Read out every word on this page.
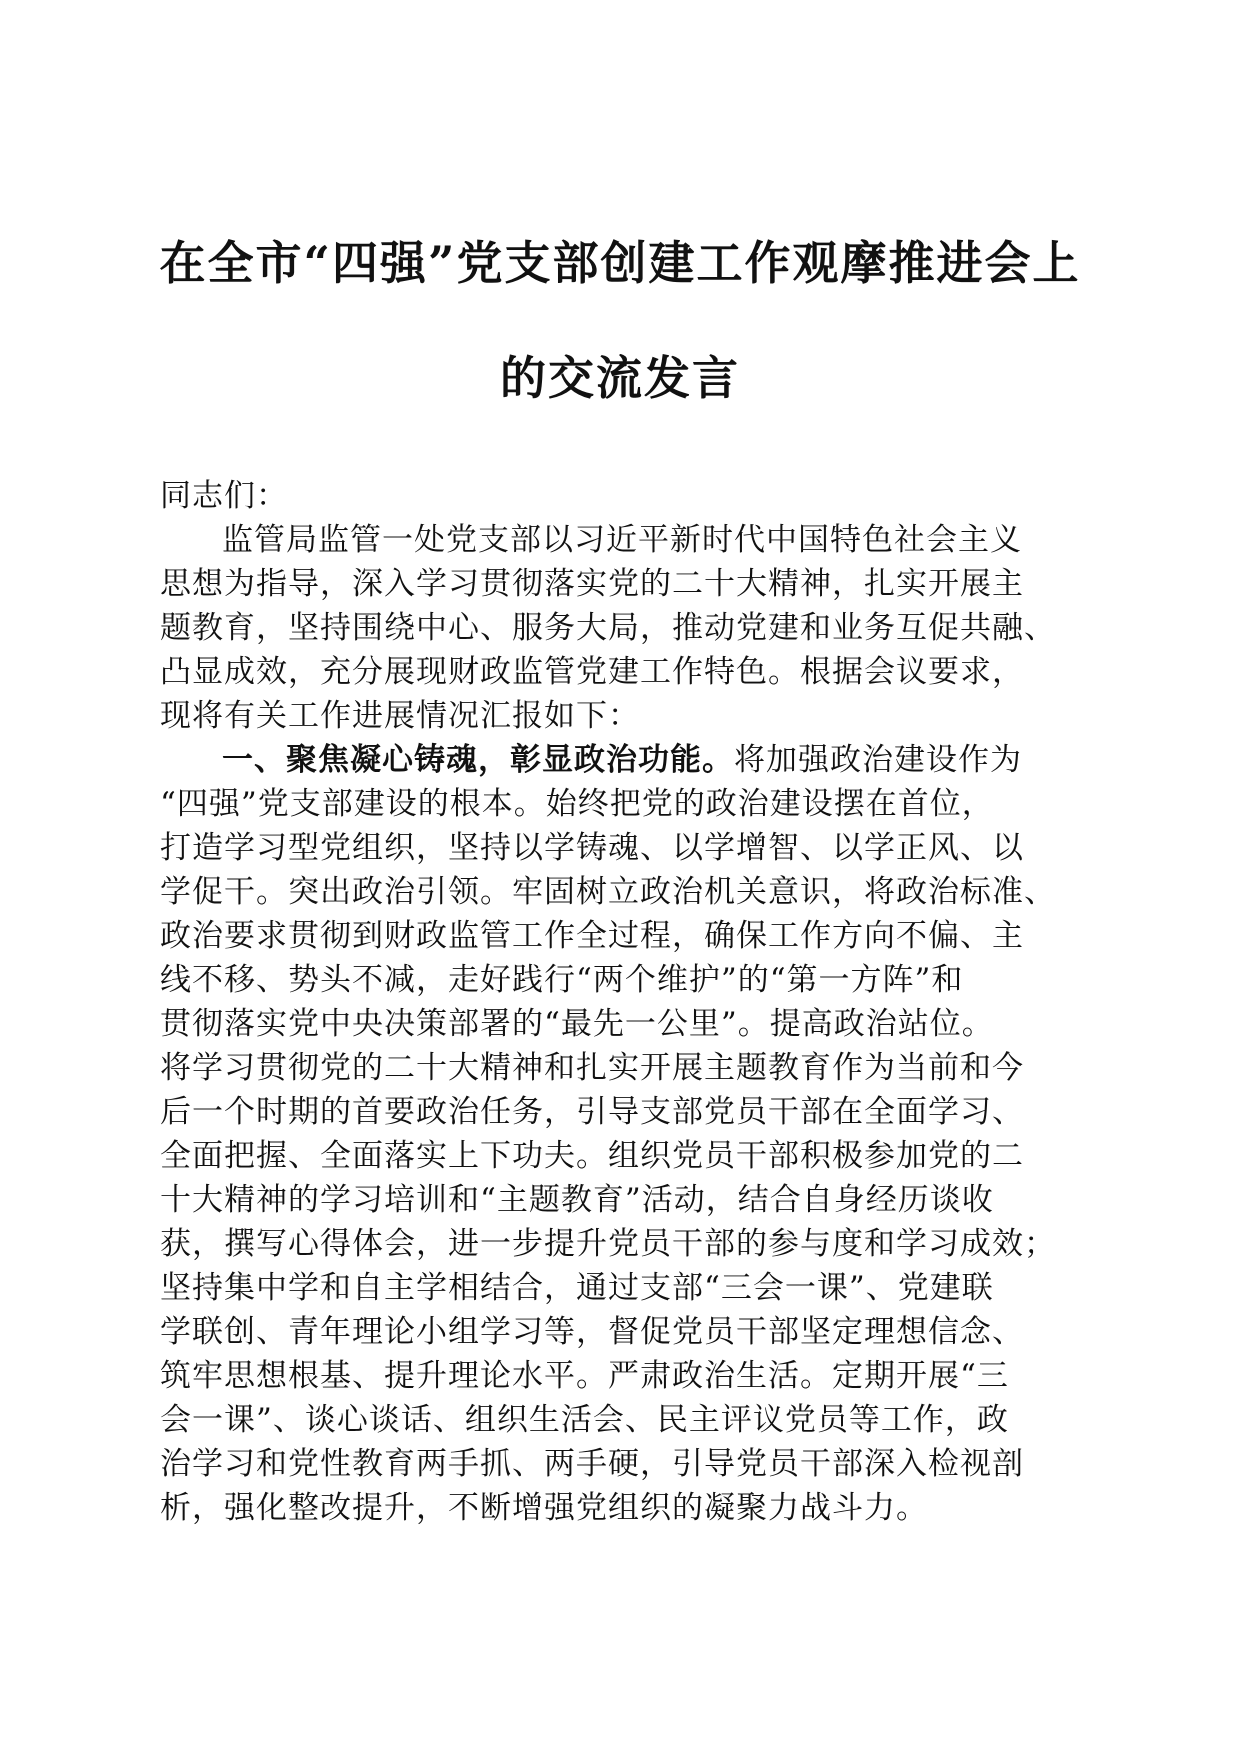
在全市“四强”党支部创建工作观摩推进会上
的交流发言
同志们：
监管局监管一处党支部以习近平新时代中国特色社会主义
思想为指导，深入学习贯彻落实党的二十大精神，扎实开展主
题教育，坚持围绕中心、服务大局，推动党建和业务互促共融、
凸显成效，充分展现财政监管党建工作特色。根据会议要求，
现将有关工作进展情况汇报如下：
一、聚焦凝心铸魂，彰显政治功能。将加强政治建设作为
“四强”党支部建设的根本。始终把党的政治建设摆在首位，
打造学习型党组织，坚持以学铸魂、以学增智、以学正风、以
学促干。突出政治引领。牢固树立政治机关意识，将政治标准、
政治要求贯彻到财政监管工作全过程，确保工作方向不偏、主
线不移、势头不减，走好践行“两个维护”的“第一方阵”和
贯彻落实党中央决策部署的“最先一公里”。提高政治站位。
将学习贯彻党的二十大精神和扎实开展主题教育作为当前和今
后一个时期的首要政治任务，引导支部党员干部在全面学习、
全面把握、全面落实上下功夫。组织党员干部积极参加党的二
十大精神的学习培训和“主题教育”活动，结合自身经历谈收
获，撰写心得体会，进一步提升党员干部的参与度和学习成效；
坚持集中学和自主学相结合，通过支部“三会一课”、党建联
学联创、青年理论小组学习等，督促党员干部坚定理想信念、
筑牢思想根基、提升理论水平。严肃政治生活。定期开展“三
会一课”、谈心谈话、组织生活会、民主评议党员等工作，政
治学习和党性教育两手抓、两手硬，引导党员干部深入检视剖
析，强化整改提升，不断增强党组织的凝聚力战斗力。
